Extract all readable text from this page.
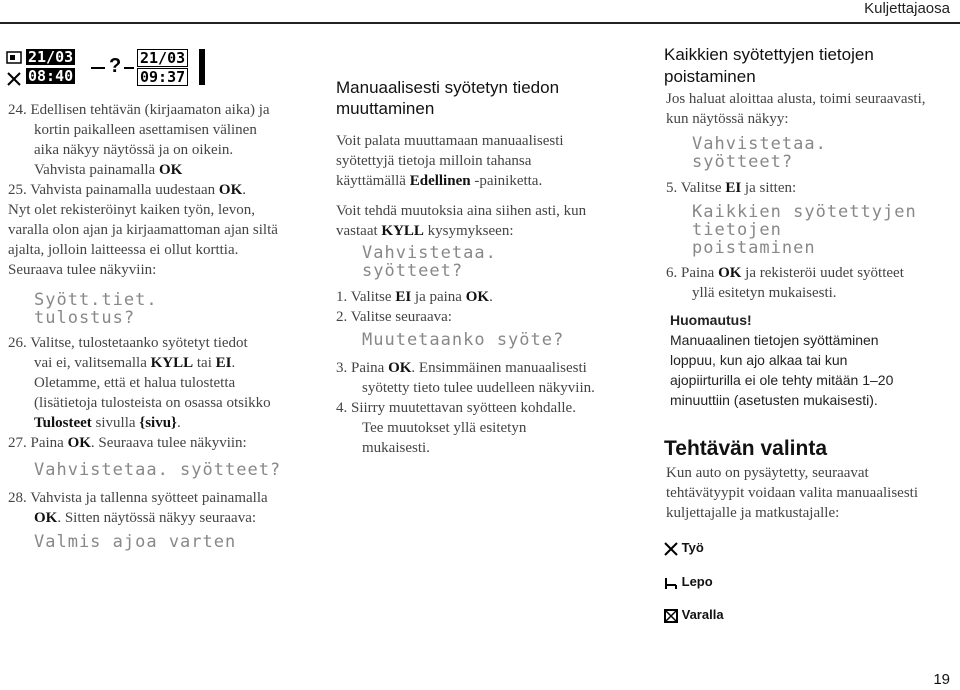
Kuljettajaosa
21/03
08:40 ? 21/03
09:37
24. Edellisen tehtävän (kirjaamaton aika) ja
kortin paikalleen asettamisen välinen
aika näkyy näytössä ja on oikein.
Vahvista painamalla OK
25. Vahvista painamalla uudestaan OK.
Nyt olet rekisteröinyt kaiken työn, levon,
varalla olon ajan ja kirjaamattoman ajan siltä
ajalta, jolloin laitteessa ei ollut korttia.
Seuraava tulee näkyviin:
Syött.tiet.
tulostus?
26. Valitse, tulostetaanko syötetyt tiedot
vai ei, valitsemalla KYLL tai EI.
Oletamme, että et halua tulostetta
(lisätietoja tulosteista on osassa otsikko
Tulosteet sivulla {sivu}.
27. Paina OK. Seuraava tulee näkyviin:
Vahvistetaa. syötteet?
28. Vahvista ja tallenna syötteet painamalla
OK. Sitten näytössä näkyy seuraava:
Valmis ajoa varten
Manuaalisesti syötetyn tiedon
muuttaminen
Voit palata muuttamaan manuaalisesti
syötettyjä tietoja milloin tahansa
käyttämällä Edellinen -painiketta.
Voit tehdä muutoksia aina siihen asti, kun
vastaat KYLL kysymykseen:
Vahvistetaa.
syötteet?
1. Valitse EI ja paina OK.
2. Valitse seuraava:
Muutetaanko syöte?
3. Paina OK. Ensimmäinen manuaalisesti
syötetty tieto tulee uudelleen näkyviin.
4. Siirry muutettavan syötteen kohdalle.
Tee muutokset yllä esitetyn
mukaisesti.
Kaikkien syötettyjen tietojen
poistaminen
Jos haluat aloittaa alusta, toimi seuraavasti,
kun näytössä näkyy:
Vahvistetaa.
syötteet?
5. Valitse EI ja sitten:
Kaikkien syötettyjen
tietojen
poistaminen
6. Paina OK ja rekisteröi uudet syötteet
yllä esitetyn mukaisesti.
Huomautus!
Manuaalinen tietojen syöttäminen
loppuu, kun ajo alkaa tai kun
ajopiirturilla ei ole tehty mitään 1–20
minuuttiin (asetusten mukaisesti).
Tehtävän valinta
Kun auto on pysäytetty, seuraavat
tehtävätyypit voidaan valita manuaalisesti
kuljettajalle ja matkustajalle:
Työ
Lepo
Varalla
19
